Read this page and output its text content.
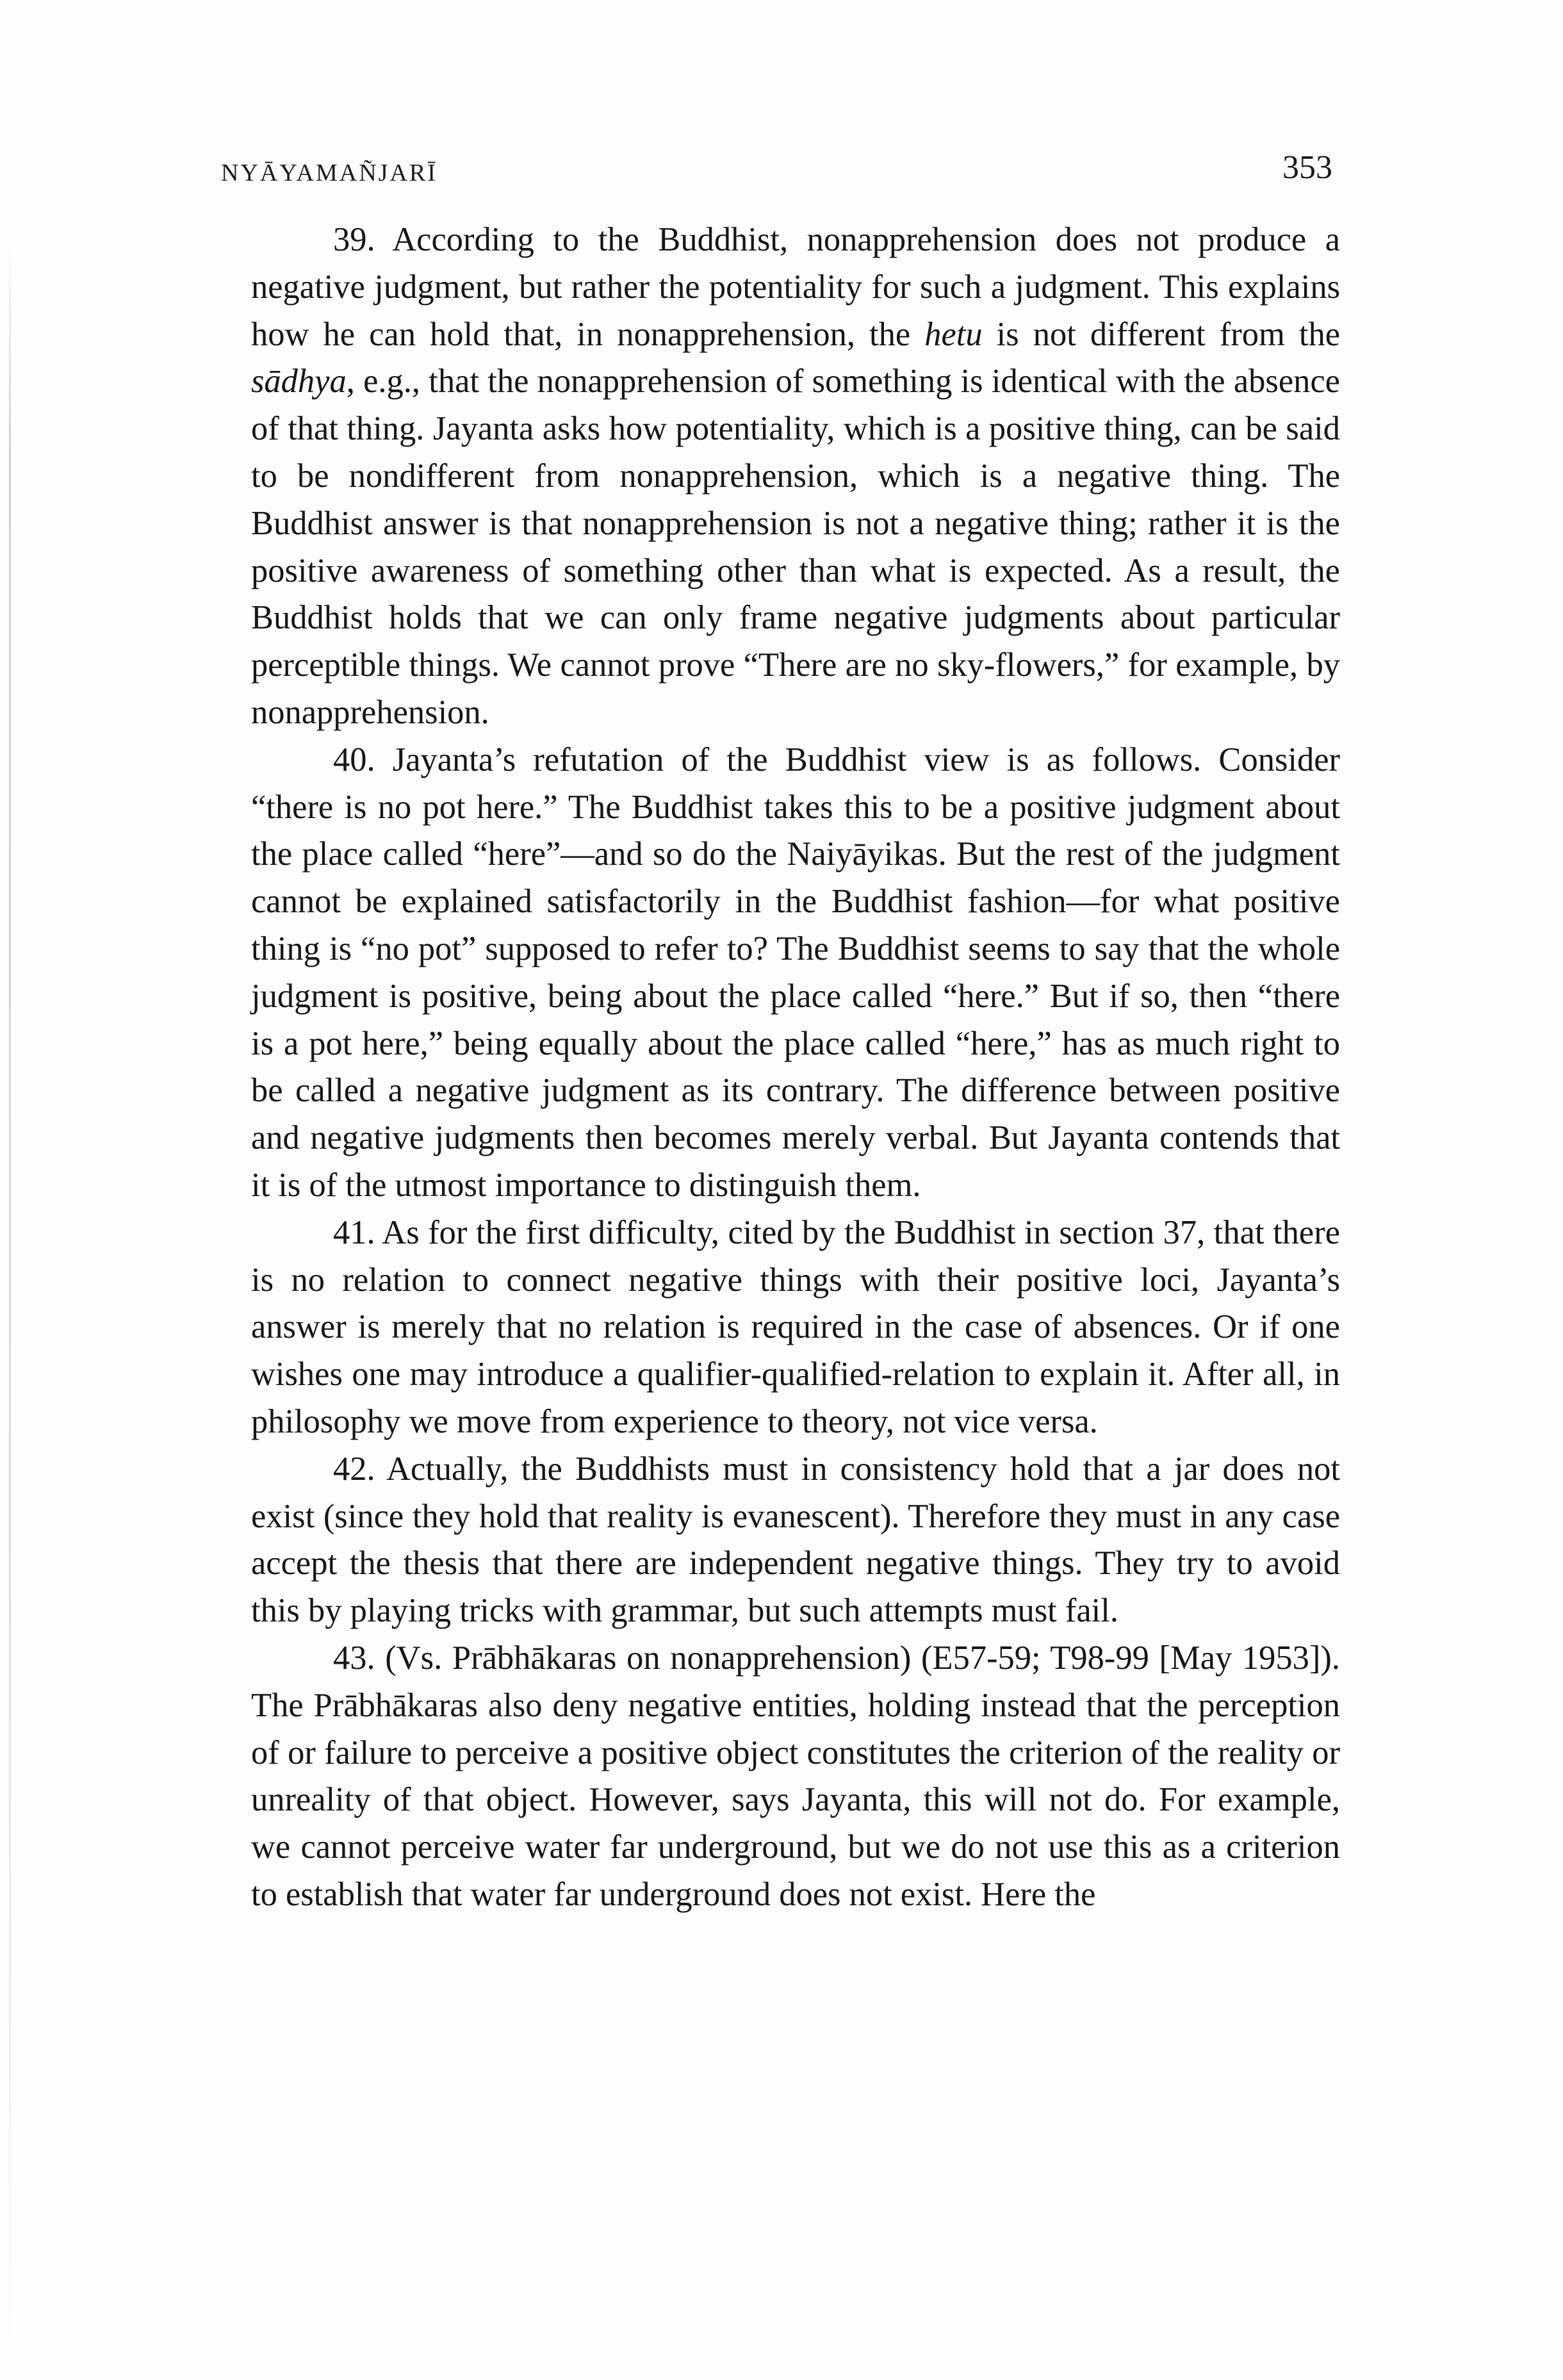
NYĀYAMAÑJARĪ	353

39. According to the Buddhist, nonapprehension does not produce a negative judgment, but rather the potentiality for such a judgment. This explains how he can hold that, in nonapprehension, the hetu is not different from the sādhya, e.g., that the nonapprehension of something is identical with the absence of that thing. Jayanta asks how potentiality, which is a positive thing, can be said to be nondifferent from nonapprehension, which is a negative thing. The Buddhist answer is that nonapprehension is not a negative thing; rather it is the positive awareness of something other than what is expected. As a result, the Buddhist holds that we can only frame negative judgments about particular perceptible things. We cannot prove “There are no sky-flowers,” for example, by nonapprehension.

40. Jayanta’s refutation of the Buddhist view is as follows. Consider “there is no pot here.” The Buddhist takes this to be a positive judgment about the place called “here”—and so do the Naiyāyikas. But the rest of the judgment cannot be explained satisfactorily in the Buddhist fashion—for what positive thing is “no pot” supposed to refer to? The Buddhist seems to say that the whole judgment is positive, being about the place called “here.” But if so, then “there is a pot here,” being equally about the place called “here,” has as much right to be called a negative judgment as its contrary. The difference between positive and negative judgments then becomes merely verbal. But Jayanta contends that it is of the utmost importance to distinguish them.

41. As for the first difficulty, cited by the Buddhist in section 37, that there is no relation to connect negative things with their positive loci, Jayanta’s answer is merely that no relation is required in the case of absences. Or if one wishes one may introduce a qualifier-qualified-relation to explain it. After all, in philosophy we move from experience to theory, not vice versa.

42. Actually, the Buddhists must in consistency hold that a jar does not exist (since they hold that reality is evanescent). Therefore they must in any case accept the thesis that there are independent negative things. They try to avoid this by playing tricks with grammar, but such attempts must fail.

43. (Vs. Prābhākaras on nonapprehension) (E57-59; T98-99 [May 1953]). The Prābhākaras also deny negative entities, holding instead that the perception of or failure to perceive a positive object constitutes the criterion of the reality or unreality of that object. However, says Jayanta, this will not do. For example, we cannot perceive water far underground, but we do not use this as a criterion to establish that water far underground does not exist. Here the
